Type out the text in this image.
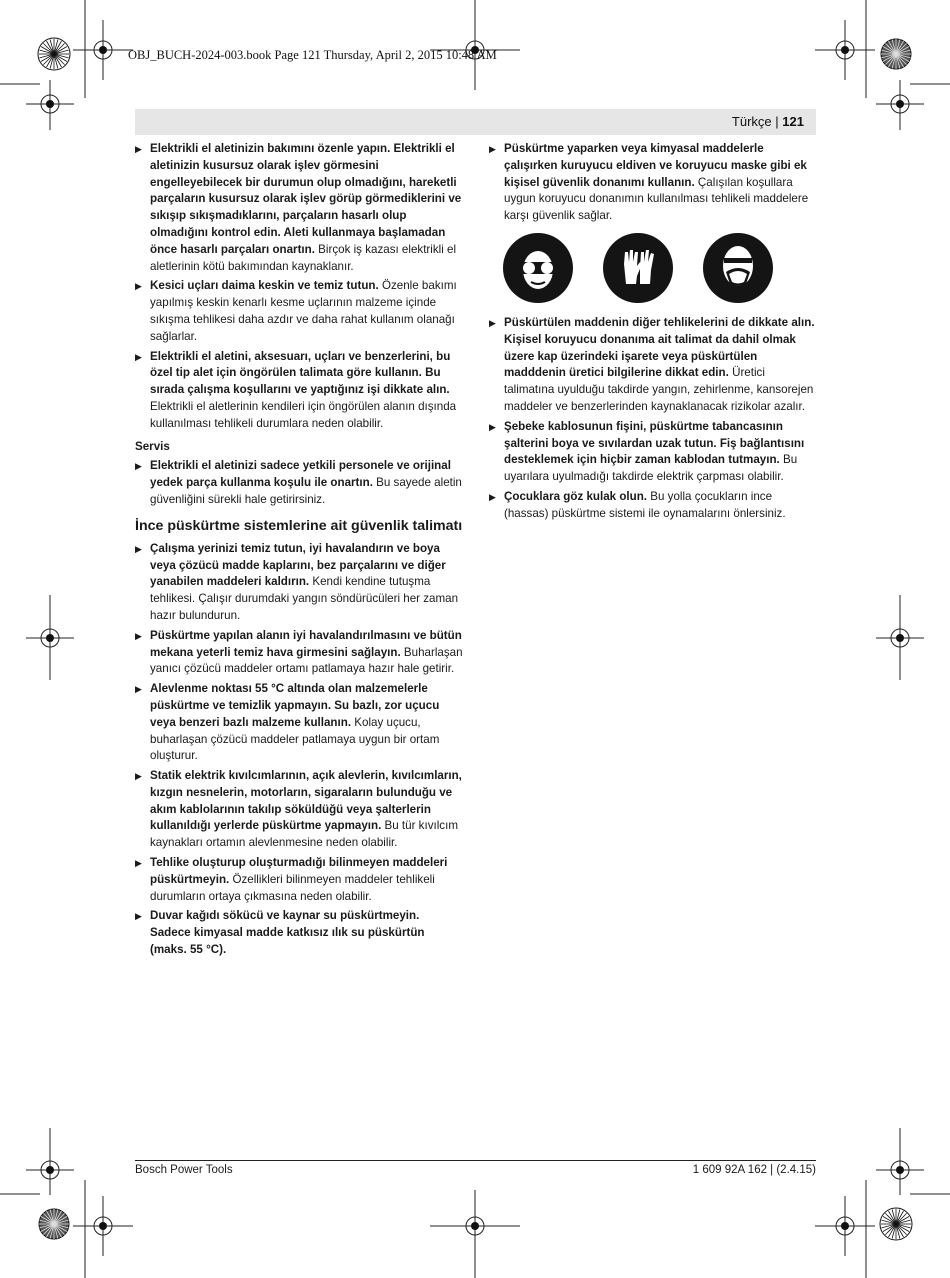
OBJ_BUCH-2024-003.book Page 121 Thursday, April 2, 2015 10:48 AM
Türkçe | 121
▶ Elektrikli el aletinizin bakımını özenle yapın. Elektrikli el aletinizin kusursuz olarak işlev görmesini engelleyebilecek bir durumun olup olmadığını, hareketli parçaların kusursuz olarak işlev görüp görmediklerini ve sıkışıp sıkışmadıklarını, parçaların hasarlı olup olmadığını kontrol edin. Aleti kullanmaya başlamadan önce hasarlı parçaları onartın. Birçok iş kazası elektrikli el aletlerinin kötü bakımından kaynaklanır.
▶ Kesici uçları daima keskin ve temiz tutun. Özenle bakımı yapılmış keskin kenarlı kesme uçlarının malzeme içinde sıkışma tehlikesi daha azdır ve daha rahat kullanım olanağı sağlarlar.
▶ Elektrikli el aletini, aksesuarı, uçları ve benzerlerini, bu özel tip alet için öngörülen talimata göre kullanın. Bu sırada çalışma koşullarını ve yaptığınız işi dikkate alın. Elektrikli el aletlerinin kendileri için öngörülen alanın dışında kullanılması tehlikeli durumlara neden olabilir.
Servis
▶ Elektrikli el aletinizi sadece yetkili personele ve orijinal yedek parça kullanma koşulu ile onartın. Bu sayede aletin güvenliğini sürekli hale getirirsiniz.
İnce püskürtme sistemlerine ait güvenlik talimatı
▶ Çalışma yerinizi temiz tutun, iyi havalandırın ve boya veya çözücü madde kaplarını, bez parçalarını ve diğer yanabilen maddeleri kaldırın. Kendi kendine tutuşma tehlikesi. Çalışır durumdaki yangın söndürücüleri her zaman hazır bulundurun.
▶ Püskürtme yapılan alanın iyi havalandırılmasını ve bütün mekana yeterli temiz hava girmesini sağlayın. Buharlaşan yanıcı çözücü maddeler ortamı patlamaya hazır hale getirir.
▶ Alevlenme noktası 55 °C altında olan malzemelerle püskürtme ve temizlik yapmayın. Su bazlı, zor uçucu veya benzeri bazlı malzeme kullanın. Kolay uçucu, buharlaşan çözücü maddeler patlamaya uygun bir ortam oluşturur.
▶ Statik elektrik kıvılcımlarının, açık alevlerin, kıvılcımların, kızgın nesnelerin, motorların, sigaraların bulunduğu ve akım kablolarının takılıp söküldüğü veya şalterlerin kullanıldığı yerlerde püskürtme yapmayın. Bu tür kıvılcım kaynakları ortamın alevlenmesine neden olabilir.
▶ Tehlike oluşturup oluşturmadığı bilinmeyen maddeleri püskürtmeyin. Özellikleri bilinmeyen maddeler tehlikeli durumların ortaya çıkmasına neden olabilir.
▶ Duvar kağıdı sökücü ve kaynar su püskürtmeyin. Sadece kimyasal madde katkısız ılık su püskürtün (maks. 55 °C).
▶ Püskürtme yaparken veya kimyasal maddelerle çalışırken kuruyucu eldiven ve koruyucu maske gibi ek kişisel güvenlik donanımı kullanın. Çalışılan koşullara uygun koruyucu donanımın kullanılması tehlikeli maddelere karşı güvenlik sağlar.
▶ Püskürtülen maddenin diğer tehlikelerini de dikkate alın. Kişisel koruyucu donanıma ait talimat da dahil olmak üzere kap üzerindeki işarete veya püskürtülen madddenin üretici bilgilerine dikkat edin. Üretici talimatına uyulduğu takdirde yangın, zehirlenme, kansorejen maddeler ve benzerlerinden kaynaklanacak rizikolar azalır.
▶ Şebeke kablosunun fişini, püskürtme tabancasının şalterini boya ve sıvılardan uzak tutun. Fiş bağlantısını desteklemek için hiçbir zaman kablodan tutmayın. Bu uyarılara uyulmadığı takdirde elektrik çarpması olabilir.
▶ Çocuklara göz kulak olun. Bu yolla çocukların ince (hassas) püskürtme sistemi ile oynamalarını önlersiniz.
Bosch Power Tools	1 609 92A 162 | (2.4.15)
